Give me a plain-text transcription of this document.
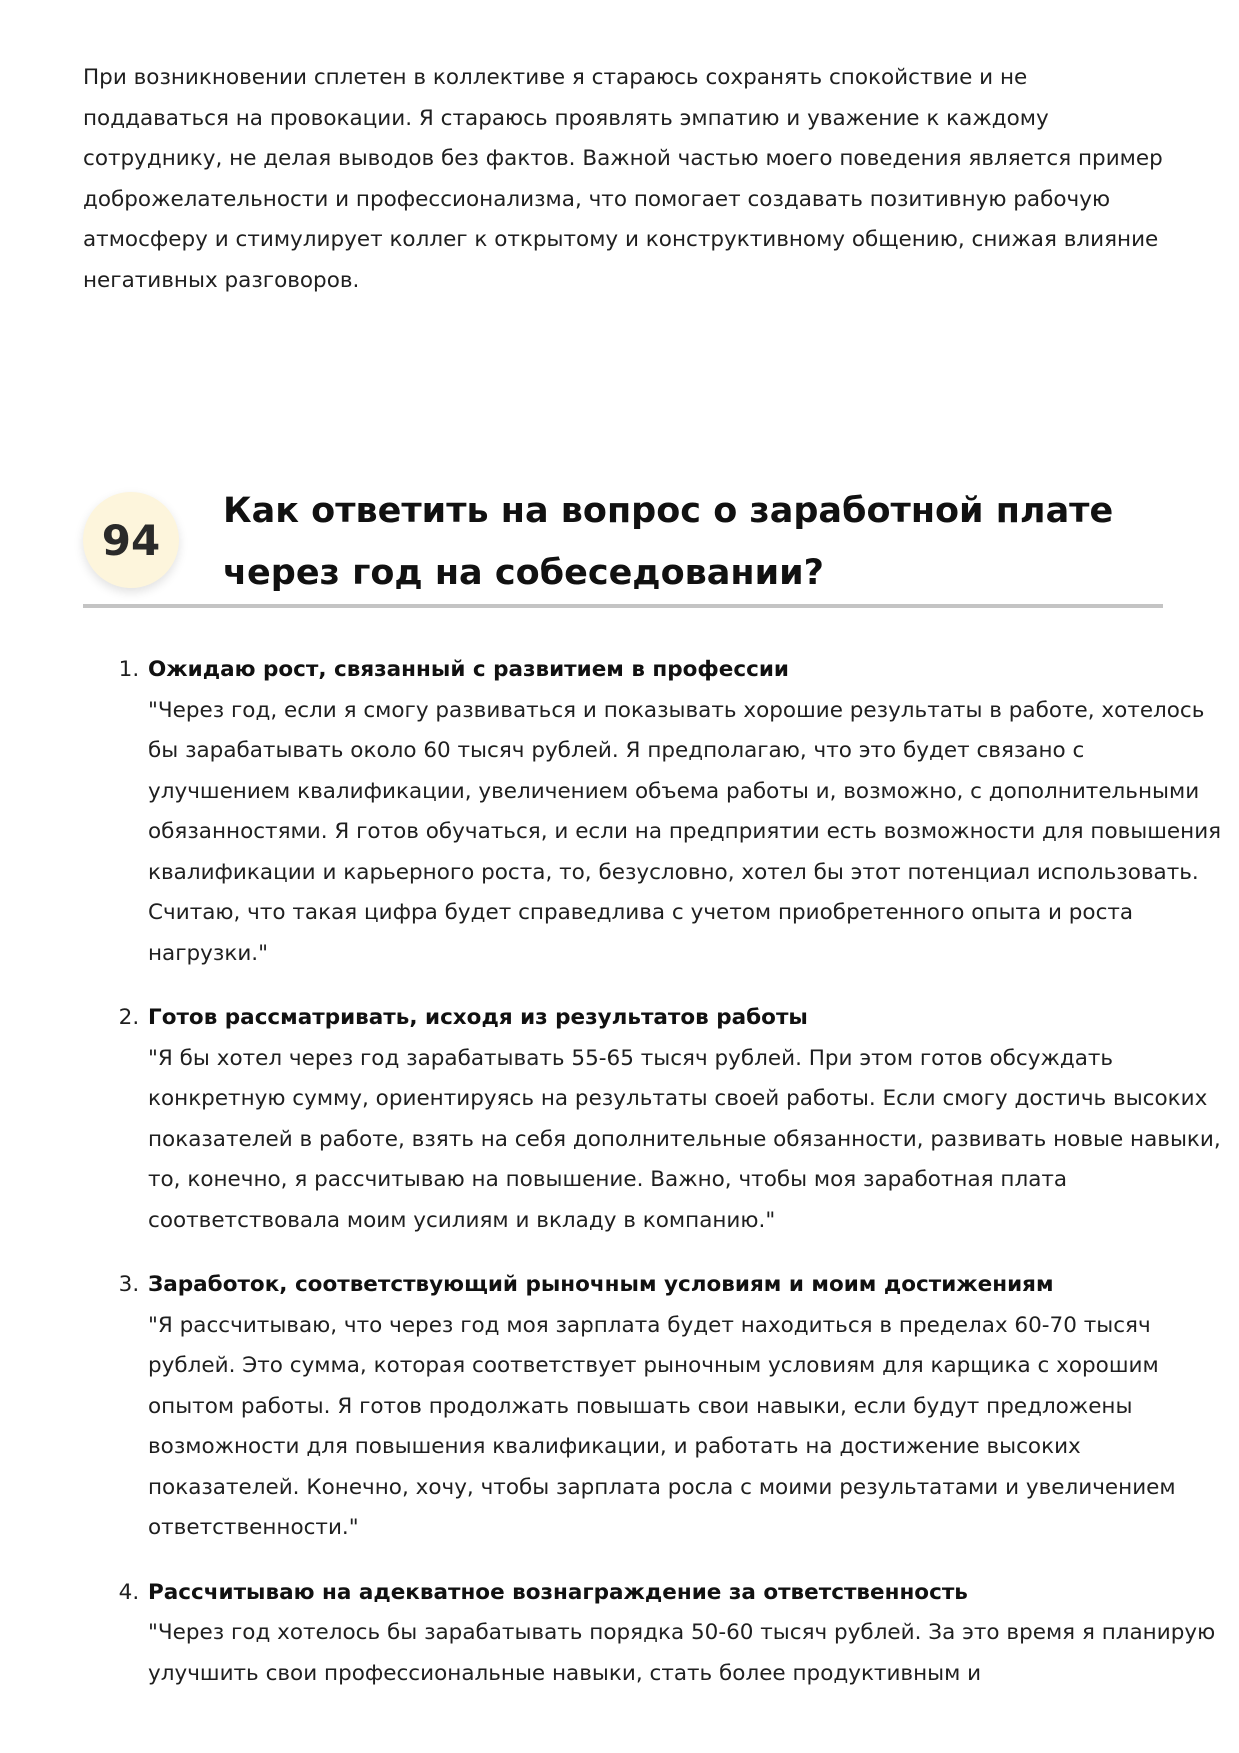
При возникновении сплетен в коллективе я стараюсь сохранять спокойствие и не поддаваться на провокации. Я стараюсь проявлять эмпатию и уважение к каждому сотруднику, не делая выводов без фактов. Важной частью моего поведения является пример доброжелательности и профессионализма, что помогает создавать позитивную рабочую атмосферу и стимулирует коллег к открытому и конструктивному общению, снижая влияние негативных разговоров.

94
Как ответить на вопрос о заработной плате через год на собеседовании?
1. Ожидаю рост, связанный с развитием в профессии
"Через год, если я смогу развиваться и показывать хорошие результаты в работе, хотелось бы зарабатывать около 60 тысяч рублей. Я предполагаю, что это будет связано с улучшением квалификации, увеличением объема работы и, возможно, с дополнительными обязанностями. Я готов обучаться, и если на предприятии есть возможности для повышения квалификации и карьерного роста, то, безусловно, хотел бы этот потенциал использовать. Считаю, что такая цифра будет справедлива с учетом приобретенного опыта и роста нагрузки."
2. Готов рассматривать, исходя из результатов работы
"Я бы хотел через год зарабатывать 55-65 тысяч рублей. При этом готов обсуждать конкретную сумму, ориентируясь на результаты своей работы. Если смогу достичь высоких показателей в работе, взять на себя дополнительные обязанности, развивать новые навыки, то, конечно, я рассчитываю на повышение. Важно, чтобы моя заработная плата соответствовала моим усилиям и вкладу в компанию."
3. Заработок, соответствующий рыночным условиям и моим достижениям
"Я рассчитываю, что через год моя зарплата будет находиться в пределах 60-70 тысяч рублей. Это сумма, которая соответствует рыночным условиям для карщика с хорошим опытом работы. Я готов продолжать повышать свои навыки, если будут предложены возможности для повышения квалификации, и работать на достижение высоких показателей. Конечно, хочу, чтобы зарплата росла с моими результатами и увеличением ответственности."
4. Рассчитываю на адекватное вознаграждение за ответственность
"Через год хотелось бы зарабатывать порядка 50-60 тысяч рублей. За это время я планирую улучшить свои профессиональные навыки, стать более продуктивным и
